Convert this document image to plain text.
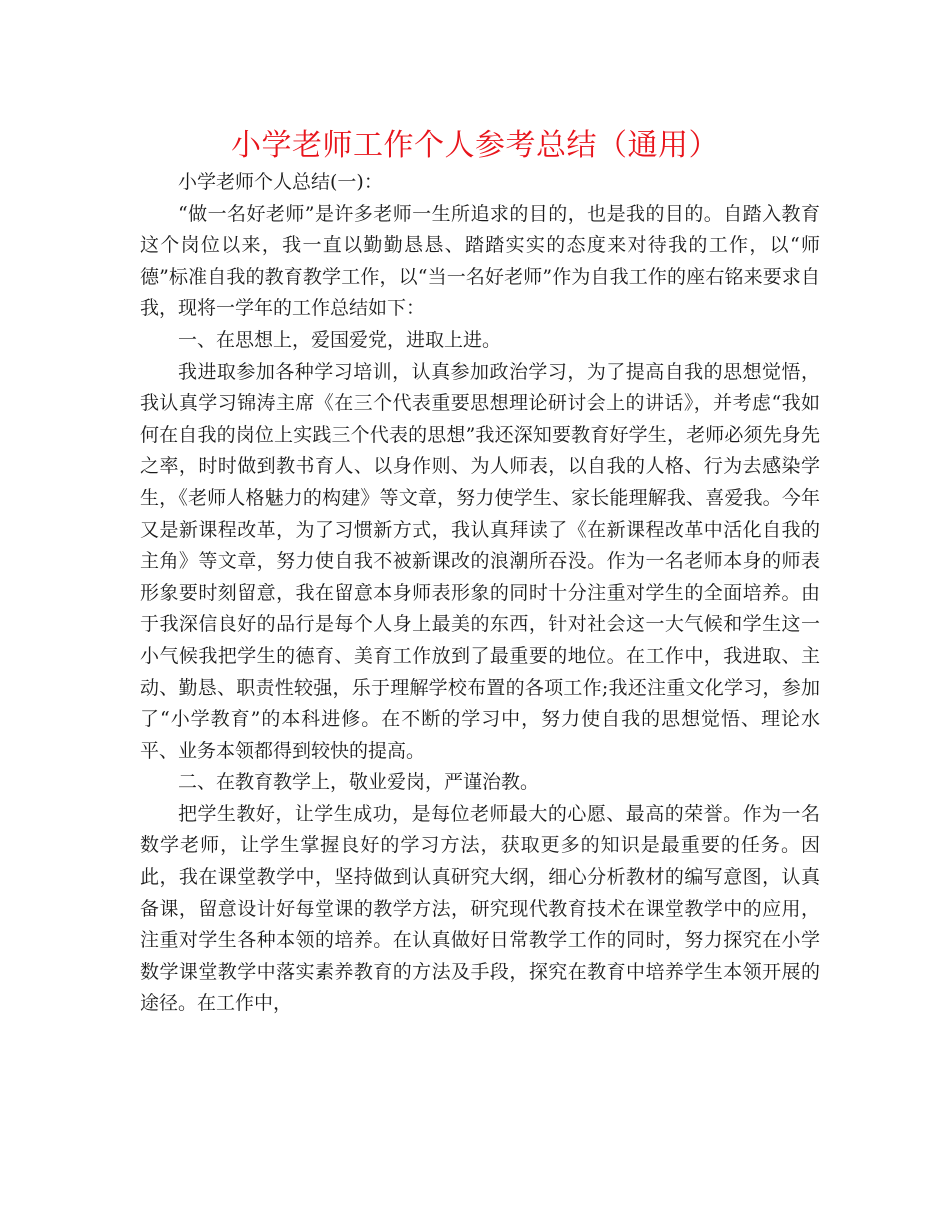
小学老师工作个人参考总结（通用）

小学老师个人总结(一)：

“做一名好老师”是许多老师一生所追求的目的，也是我的目的。自踏入教育这个岗位以来，我一直以勤勤恳恳、踏踏实实的态度来对待我的工作，以“师德”标准自我的教育教学工作，以“当一名好老师”作为自我工作的座右铭来要求自我，现将一学年的工作总结如下：

一、在思想上，爱国爱党，进取上进。

我进取参加各种学习培训，认真参加政治学习，为了提高自我的思想觉悟，我认真学习锦涛主席《在三个代表重要思想理论研讨会上的讲话》，并考虑“我如何在自我的岗位上实践三个代表的思想”我还深知要教育好学生，老师必须先身先之率，时时做到教书育人、以身作则、为人师表，以自我的人格、行为去感染学生，《老师人格魅力的构建》等文章，努力使学生、家长能理解我、喜爱我。今年又是新课程改革，为了习惯新方式，我认真拜读了《在新课程改革中活化自我的主角》等文章，努力使自我不被新课改的浪潮所吞没。作为一名老师本身的师表形象要时刻留意，我在留意本身师表形象的同时十分注重对学生的全面培养。由于我深信良好的品行是每个人身上最美的东西，针对社会这一大气候和学生这一小气候我把学生的德育、美育工作放到了最重要的地位。在工作中，我进取、主动、勤恳、职责性较强，乐于理解学校布置的各项工作;我还注重文化学习，参加了“小学教育”的本科进修。在不断的学习中，努力使自我的思想觉悟、理论水平、业务本领都得到较快的提高。

二、在教育教学上，敬业爱岗，严谨治教。

把学生教好，让学生成功，是每位老师最大的心愿、最高的荣誉。作为一名数学老师，让学生掌握良好的学习方法，获取更多的知识是最重要的任务。因此，我在课堂教学中，坚持做到认真研究大纲，细心分析教材的编写意图，认真备课，留意设计好每堂课的教学方法，研究现代教育技术在课堂教学中的应用，注重对学生各种本领的培养。在认真做好日常教学工作的同时，努力探究在小学数学课堂教学中落实素养教育的方法及手段，探究在教育中培养学生本领开展的途径。在工作中，
